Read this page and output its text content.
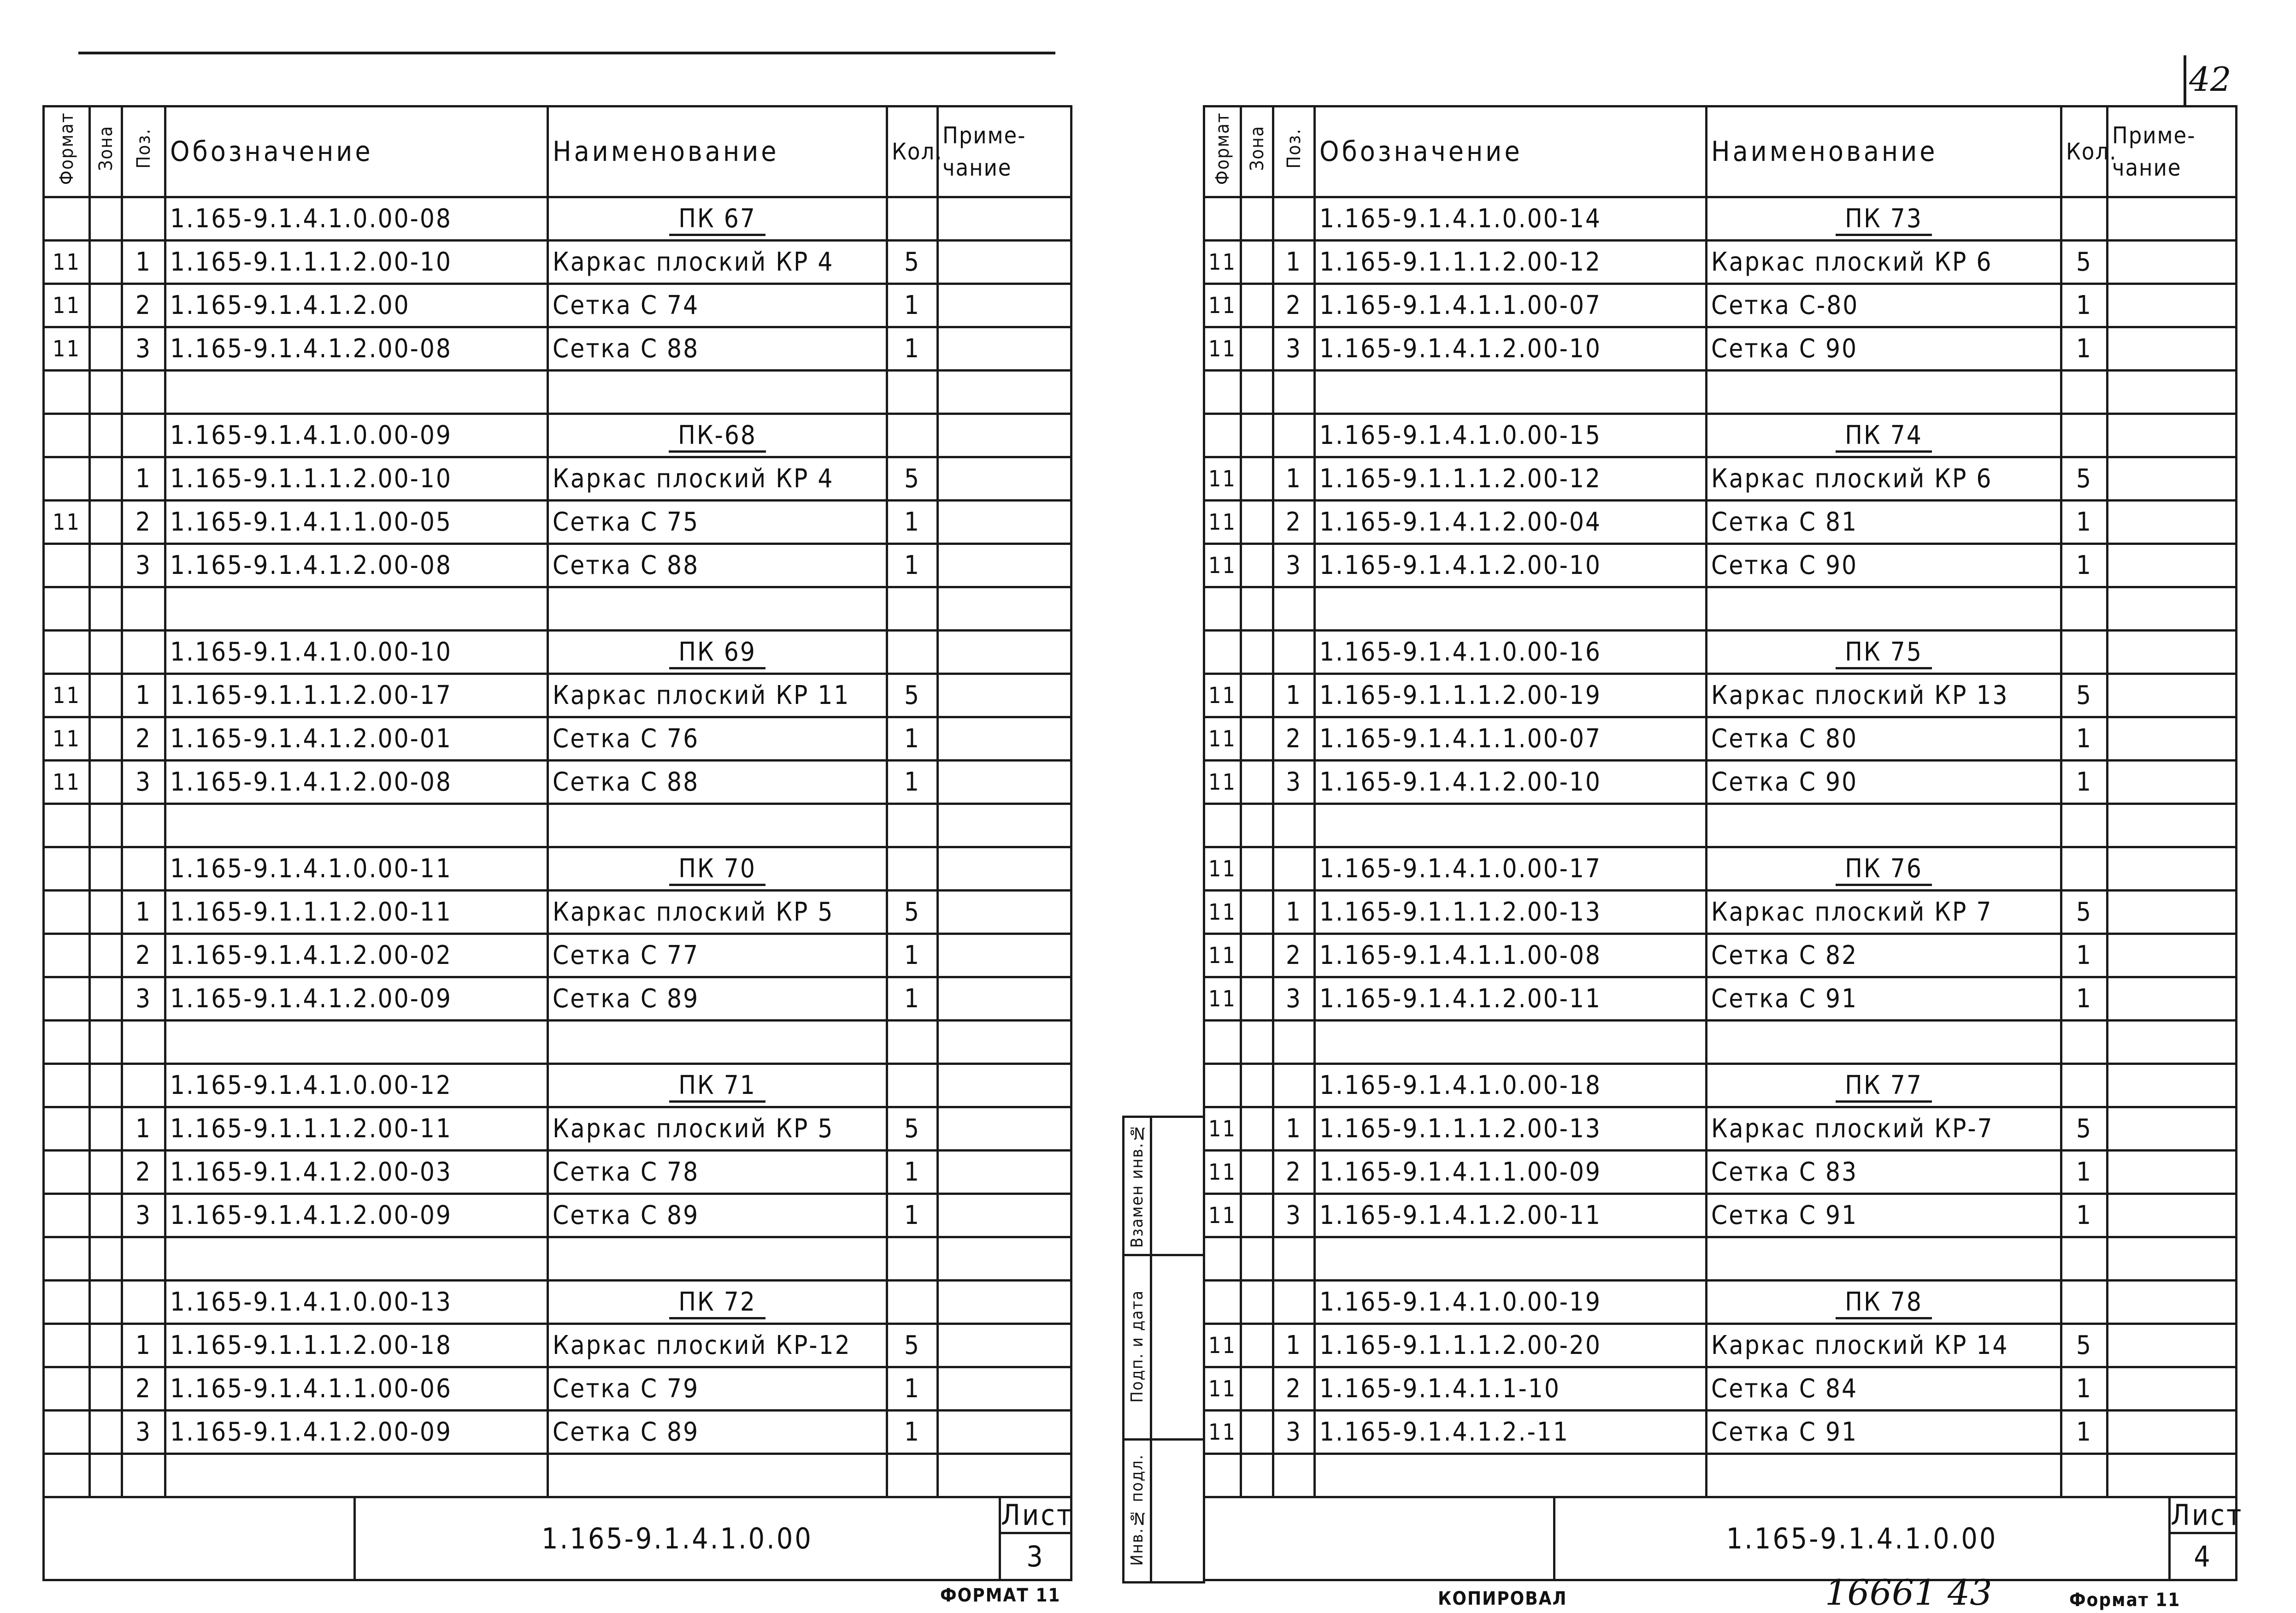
Формат	Зона	Поз.	Обозначение	Наименование	Кол.	Приме-чание
			1.165-9.1.4.1.0.00-08	ПК 67		
11		1	1.165-9.1.1.1.2.00-10	Каркас плоский КР 4	5	
11		2	1.165-9.1.4.1.2.00	Сетка С 74	1	
11		3	1.165-9.1.4.1.2.00-08	Сетка С 88	1	

			1.165-9.1.4.1.0.00-09	ПК-68		
		1	1.165-9.1.1.1.2.00-10	Каркас плоский КР 4	5	
11		2	1.165-9.1.4.1.1.00-05	Сетка С 75	1	
		3	1.165-9.1.4.1.2.00-08	Сетка С 88	1	

			1.165-9.1.4.1.0.00-10	ПК 69		
11		1	1.165-9.1.1.1.2.00-17	Каркас плоский КР 11	5	
11		2	1.165-9.1.4.1.2.00-01	Сетка С 76	1	
11		3	1.165-9.1.4.1.2.00-08	Сетка С 88	1	

			1.165-9.1.4.1.0.00-11	ПК 70		
		1	1.165-9.1.1.1.2.00-11	Каркас плоский КР 5	5	
		2	1.165-9.1.4.1.2.00-02	Сетка С 77	1	
		3	1.165-9.1.4.1.2.00-09	Сетка С 89	1	

			1.165-9.1.4.1.0.00-12	ПК 71		
		1	1.165-9.1.1.1.2.00-11	Каркас плоский КР 5	5	
		2	1.165-9.1.4.1.2.00-03	Сетка С 78	1	
		3	1.165-9.1.4.1.2.00-09	Сетка С 89	1	

			1.165-9.1.4.1.0.00-13	ПК 72		
		1	1.165-9.1.1.1.2.00-18	Каркас плоский КР-12	5	
		2	1.165-9.1.4.1.1.00-06	Сетка С 79	1	
		3	1.165-9.1.4.1.2.00-09	Сетка С 89	1	

	1.165-9.1.4.1.0.00	Лист
3
ФОРМАТ 11
42
Формат	Зона	Поз.	Обозначение	Наименование	Кол.	Приме-чание
			1.165-9.1.4.1.0.00-14	ПК 73		
11		1	1.165-9.1.1.1.2.00-12	Каркас плоский КР 6	5	
11		2	1.165-9.1.4.1.1.00-07	Сетка С-80	1	
11		3	1.165-9.1.4.1.2.00-10	Сетка С 90	1	

			1.165-9.1.4.1.0.00-15	ПК 74		
11		1	1.165-9.1.1.1.2.00-12	Каркас плоский КР 6	5	
11		2	1.165-9.1.4.1.2.00-04	Сетка С 81	1	
11		3	1.165-9.1.4.1.2.00-10	Сетка С 90	1	

			1.165-9.1.4.1.0.00-16	ПК 75		
11		1	1.165-9.1.1.1.2.00-19	Каркас плоский КР 13	5	
11		2	1.165-9.1.4.1.1.00-07	Сетка С 80	1	
11		3	1.165-9.1.4.1.2.00-10	Сетка С 90	1	

11			1.165-9.1.4.1.0.00-17	ПК 76		
11		1	1.165-9.1.1.1.2.00-13	Каркас плоский КР 7	5	
11		2	1.165-9.1.4.1.1.00-08	Сетка С 82	1	
11		3	1.165-9.1.4.1.2.00-11	Сетка С 91	1	

			1.165-9.1.4.1.0.00-18	ПК 77		
11		1	1.165-9.1.1.1.2.00-13	Каркас плоский КР-7	5	
11		2	1.165-9.1.4.1.1.00-09	Сетка С 83	1	
11		3	1.165-9.1.4.1.2.00-11	Сетка С 91	1	

			1.165-9.1.4.1.0.00-19	ПК 78		
11		1	1.165-9.1.1.1.2.00-20	Каркас плоский КР 14	5	
11		2	1.165-9.1.4.1.1-10	Сетка С 84	1	
11		3	1.165-9.1.4.1.2.-11	Сетка С 91	1	

Взамен инв.№	
Подп. и дата	
Инв.№ подл.	
		1.165-9.1.4.1.0.00	Лист
4
КОПИРОВАЛ	16661 43	Формат 11
